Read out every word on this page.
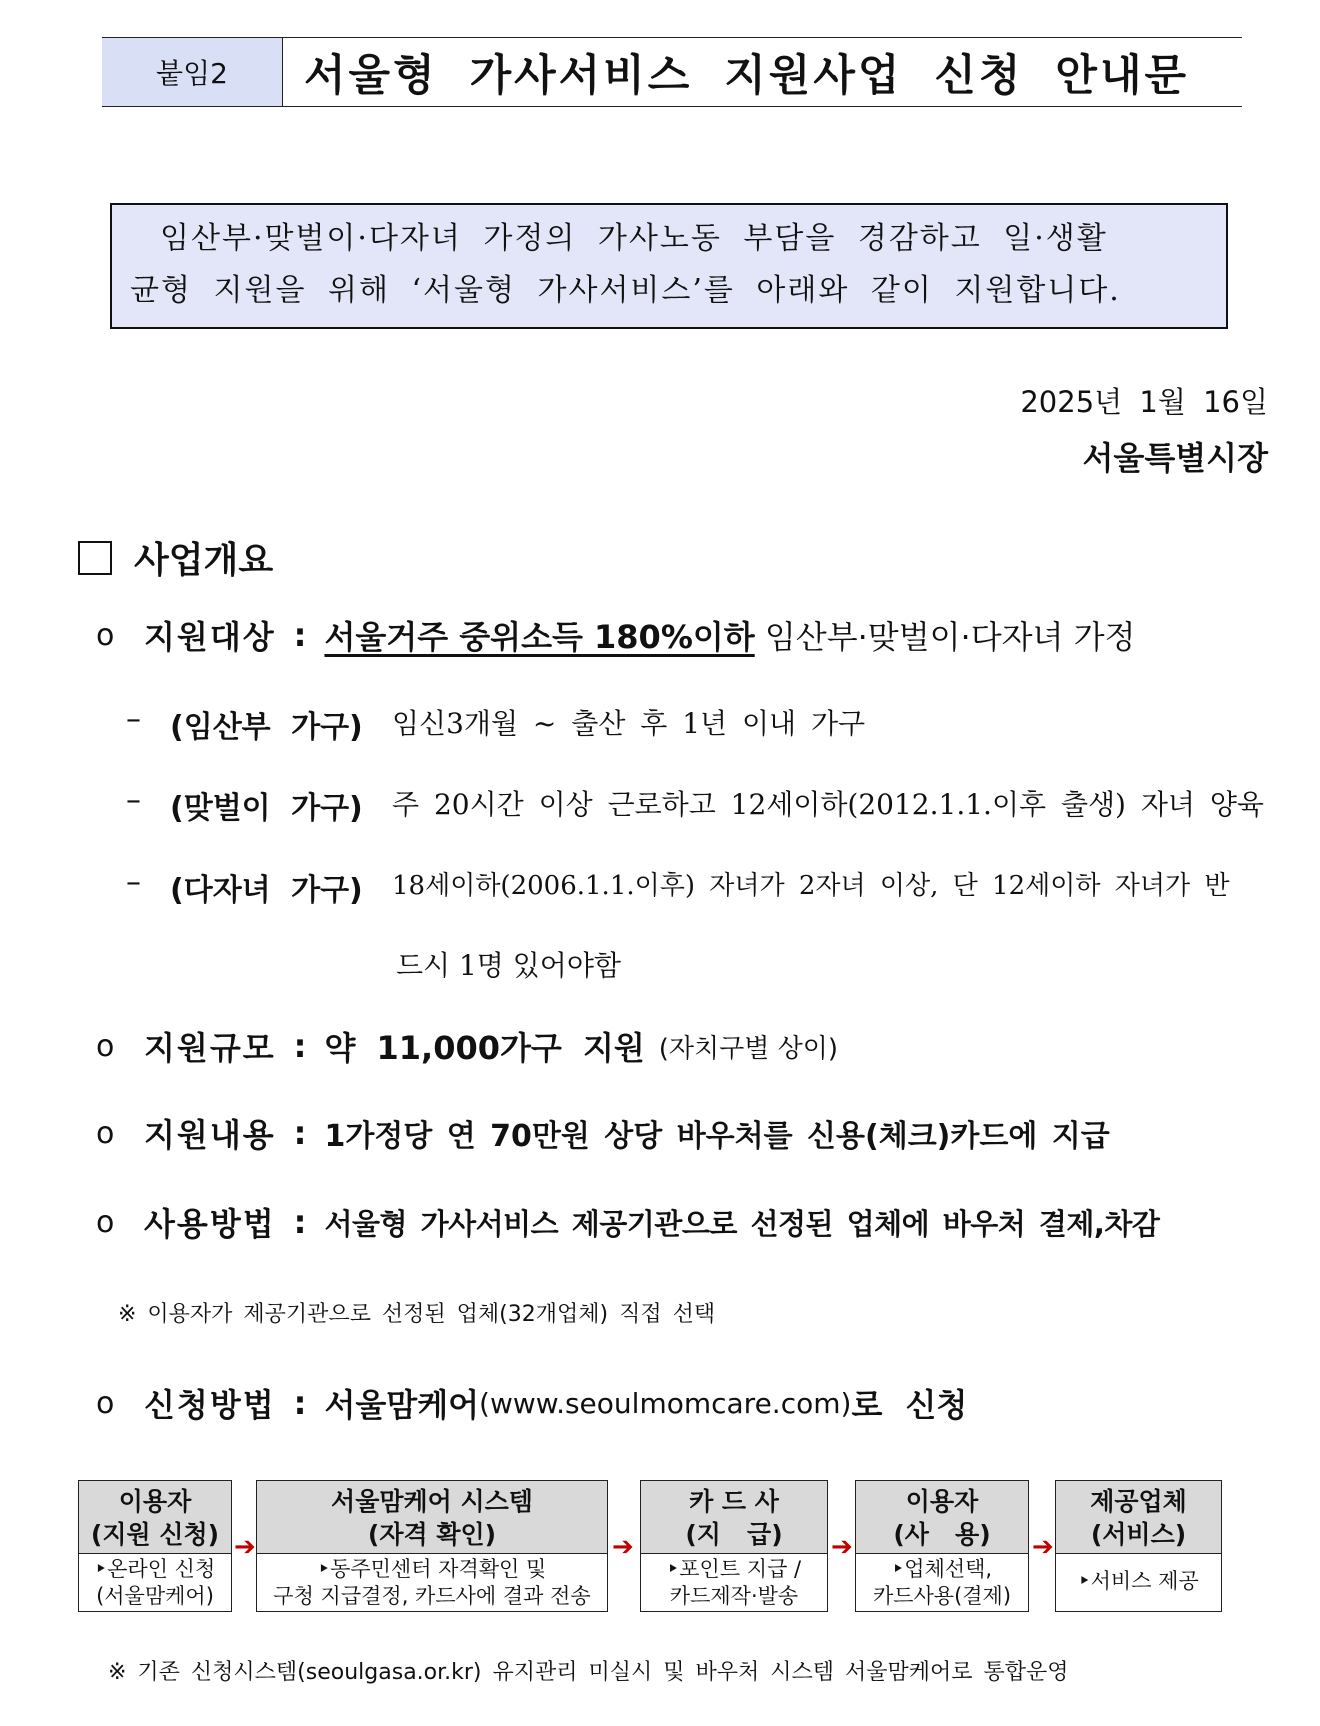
붙임2	서울형 가사서비스 지원사업 신청 안내문
임산부·맞벌이·다자녀 가정의 가사노동 부담을 경감하고 일·생활
균형 지원을 위해 ‘서울형 가사서비스’를 아래와 같이 지원합니다.
2025년 1월 16일
서울특별시장
사업개요
o 지원대상 : 서울거주 중위소득 180%이하 임산부·맞벌이·다자녀 가정
– (임산부 가구)	임신3개월 ~ 출산 후 1년 이내 가구
– (맞벌이 가구)	주 20시간 이상 근로하고 12세이하(2012.1.1.이후 출생) 자녀 양육
– (다자녀 가구)	18세이하(2006.1.1.이후) 자녀가 2자녀 이상, 단 12세이하 자녀가 반
드시 1명 있어야함
o 지원규모 : 약 11,000가구 지원 (자치구별 상이)
o 지원내용 : 1가정당 연 70만원 상당 바우처를 신용(체크)카드에 지급
o 사용방법 : 서울형 가사서비스 제공기관으로 선정된 업체에 바우처 결제,차감
※ 이용자가 제공기관으로 선정된 업체(32개업체) 직접 선택
o 신청방법 : 서울맘케어 (www.seoulmomcare.com) 로 신청
이용자
(지원 신청)
‣온라인 신청
(서울맘케어)
➔
서울맘케어 시스템
(자격 확인)
‣동주민센터 자격확인 및
구청 지급결정, 카드사에 결과 전송
➔
카 드 사
(지   급)
‣포인트 지급 /
카드제작·발송
➔
이용자
(사   용)
‣업체선택,
카드사용(결제)
➔
제공업체
(서비스)
‣서비스 제공
※ 기존 신청시스템(seoulgasa.or.kr) 유지관리 미실시 및 바우처 시스템 서울맘케어로 통합운영
